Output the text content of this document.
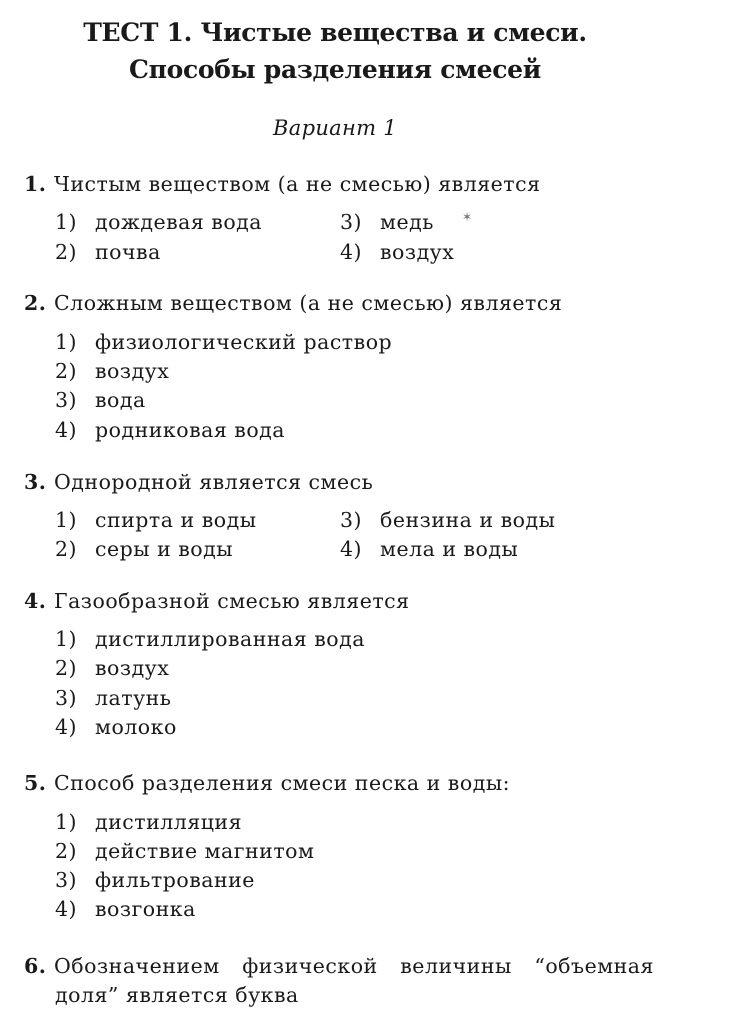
ТЕСТ 1. Чистые вещества и смеси.
Способы разделения смесей
Вариант 1
1. Чистым веществом (а не смесью) является
1) дождевая вода
2) почва
3) медь
4) воздух
✶
2. Сложным веществом (а не смесью) является
1) физиологический раствор
2) воздух
3) вода
4) родниковая вода
3. Однородной является смесь
1) спирта и воды
2) серы и воды
3) бензина и воды
4) мела и воды
4. Газообразной смесью является
1) дистиллированная вода
2) воздух
3) латунь
4) молоко
5. Способ разделения смеси песка и воды:
1) дистилляция
2) действие магнитом
3) фильтрование
4) возгонка
6. Обозначением физической величины “объемная
доля” является буква
